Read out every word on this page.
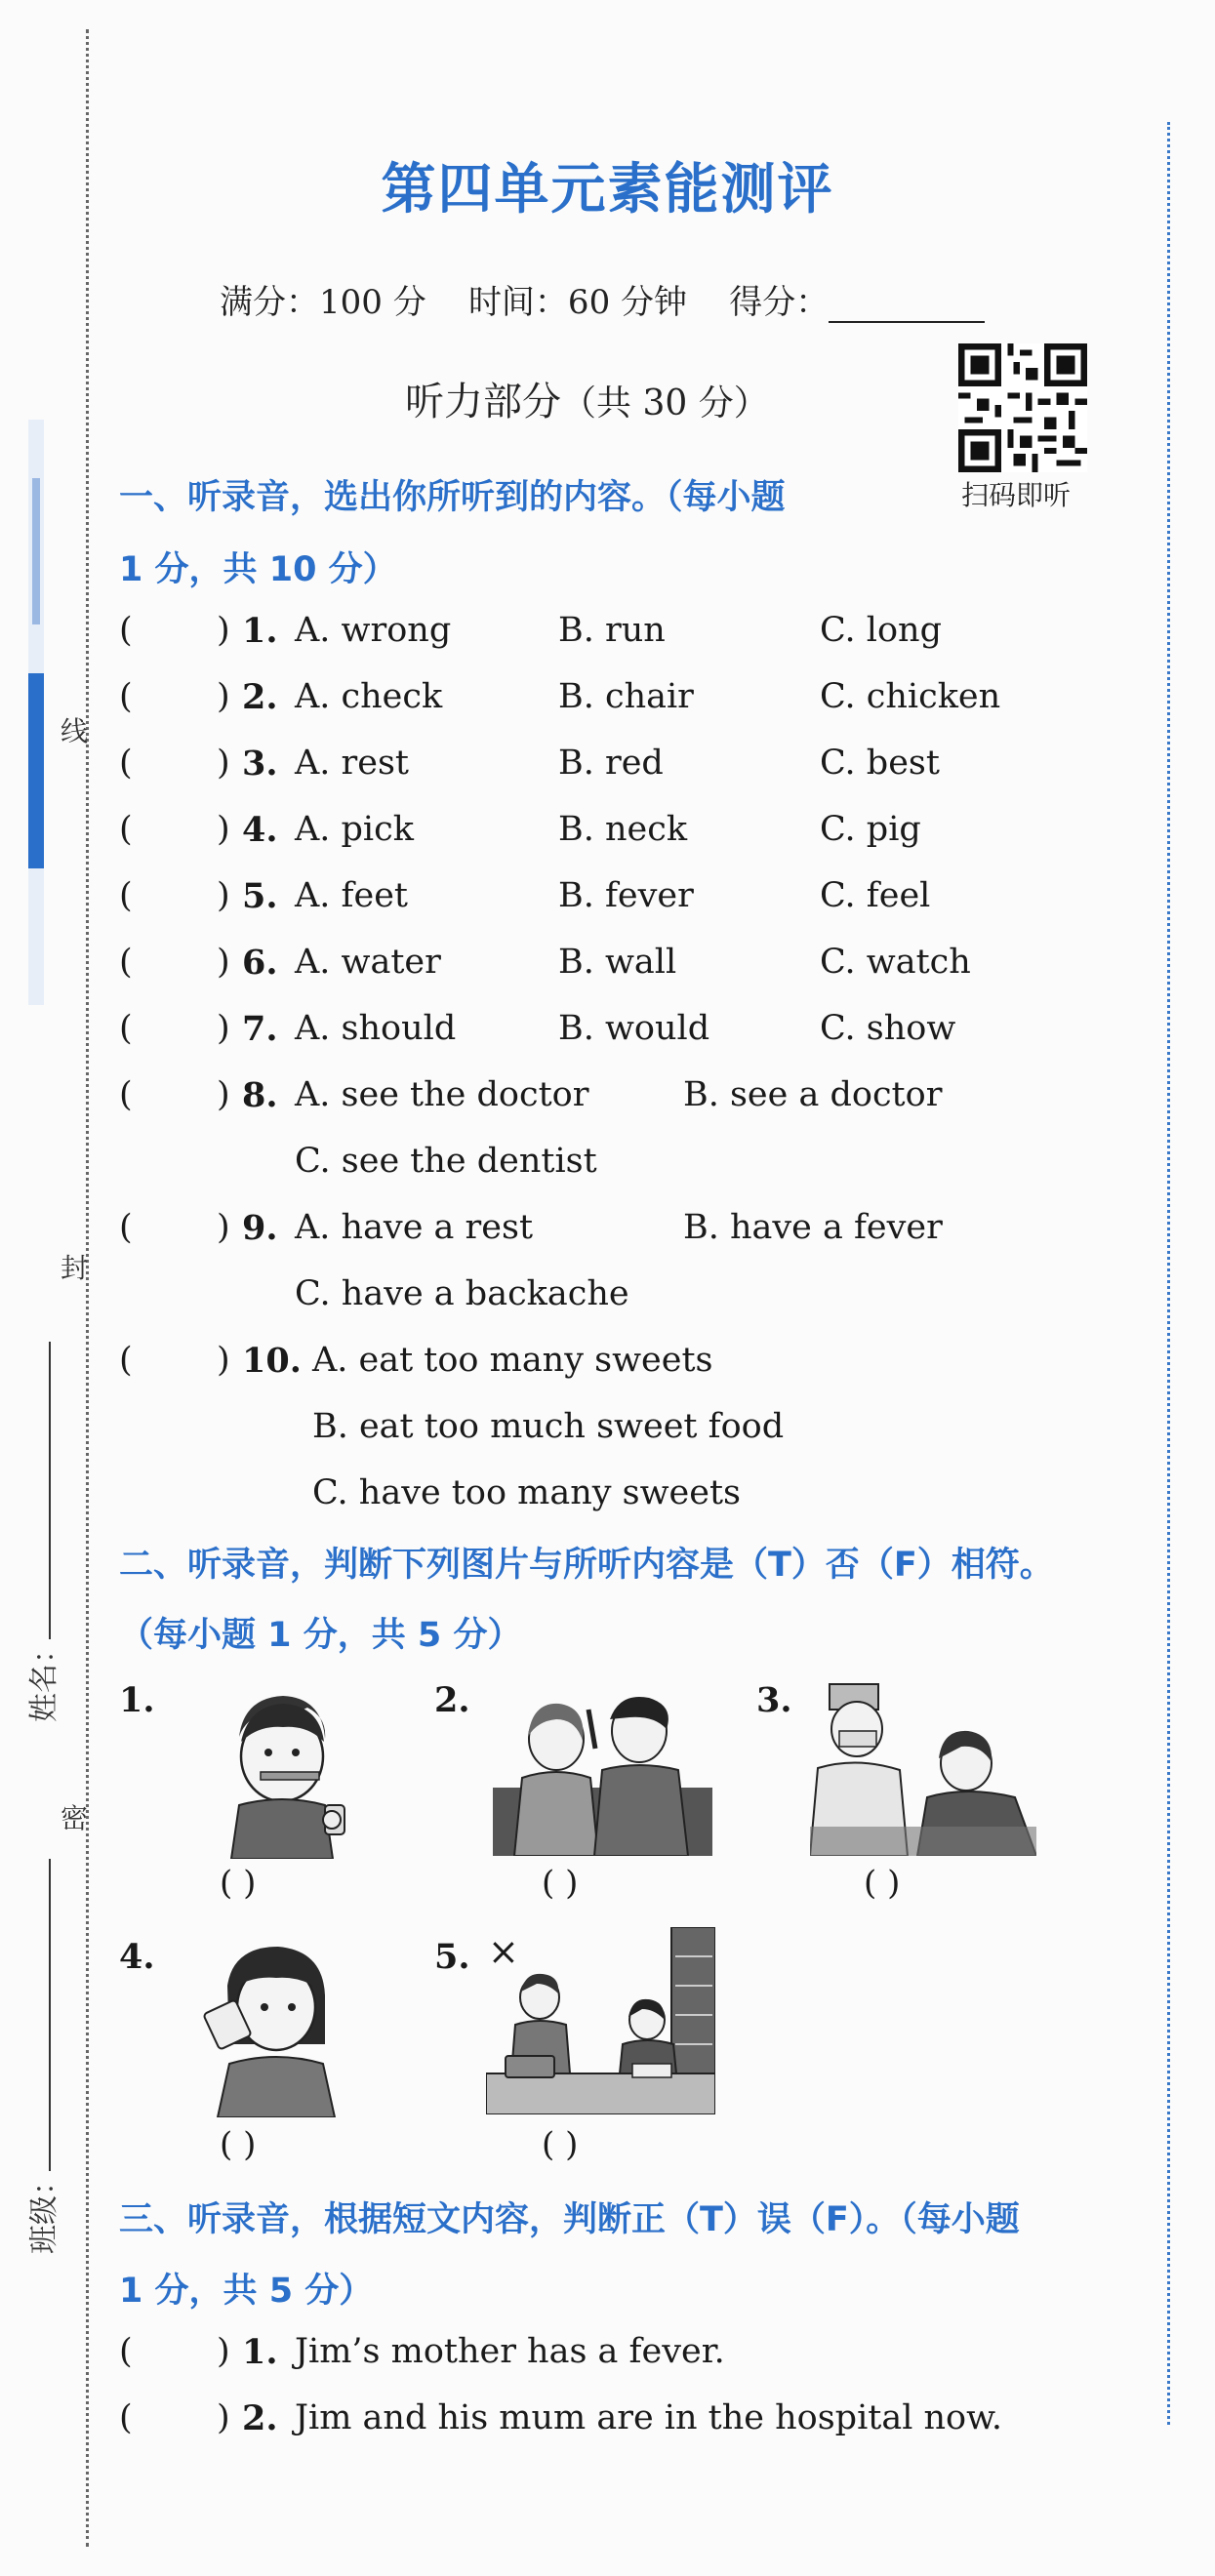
线
封
密
姓名：
班级：
第四单元素能测评
满分：100 分 时间：60 分钟 得分：
听力部分（共 30 分）
扫码即听
一、听录音，选出你所听到的内容。（每小题
1 分，共 10 分）
( ) 1. A. wrong	B. run	C. long
( ) 2. A. check	B. chair	C. chicken
( ) 3. A. rest	B. red	C. best
( ) 4. A. pick	B. neck	C. pig
( ) 5. A. feet	B. fever	C. feel
( ) 6. A. water	B. wall	C. watch
( ) 7. A. should	B. would	C. show
( ) 8. A. see the doctor	B. see a doctor
C. see the dentist
( ) 9. A. have a rest	B. have a fever
C. have a backache
( ) 10. A. eat too many sweets
B. eat too much sweet food
C. have too many sweets
二、听录音，判断下列图片与所听内容是（T）否（F）相符。
（每小题 1 分，共 5 分）
1.
( )
2.
( )
3.
( )
4.
( )
5. ×
( )
三、听录音，根据短文内容，判断正（T）误（F）。（每小题
1 分，共 5 分）
( ) 1. Jim’s mother has a fever.
( ) 2. Jim and his mum are in the hospital now.
